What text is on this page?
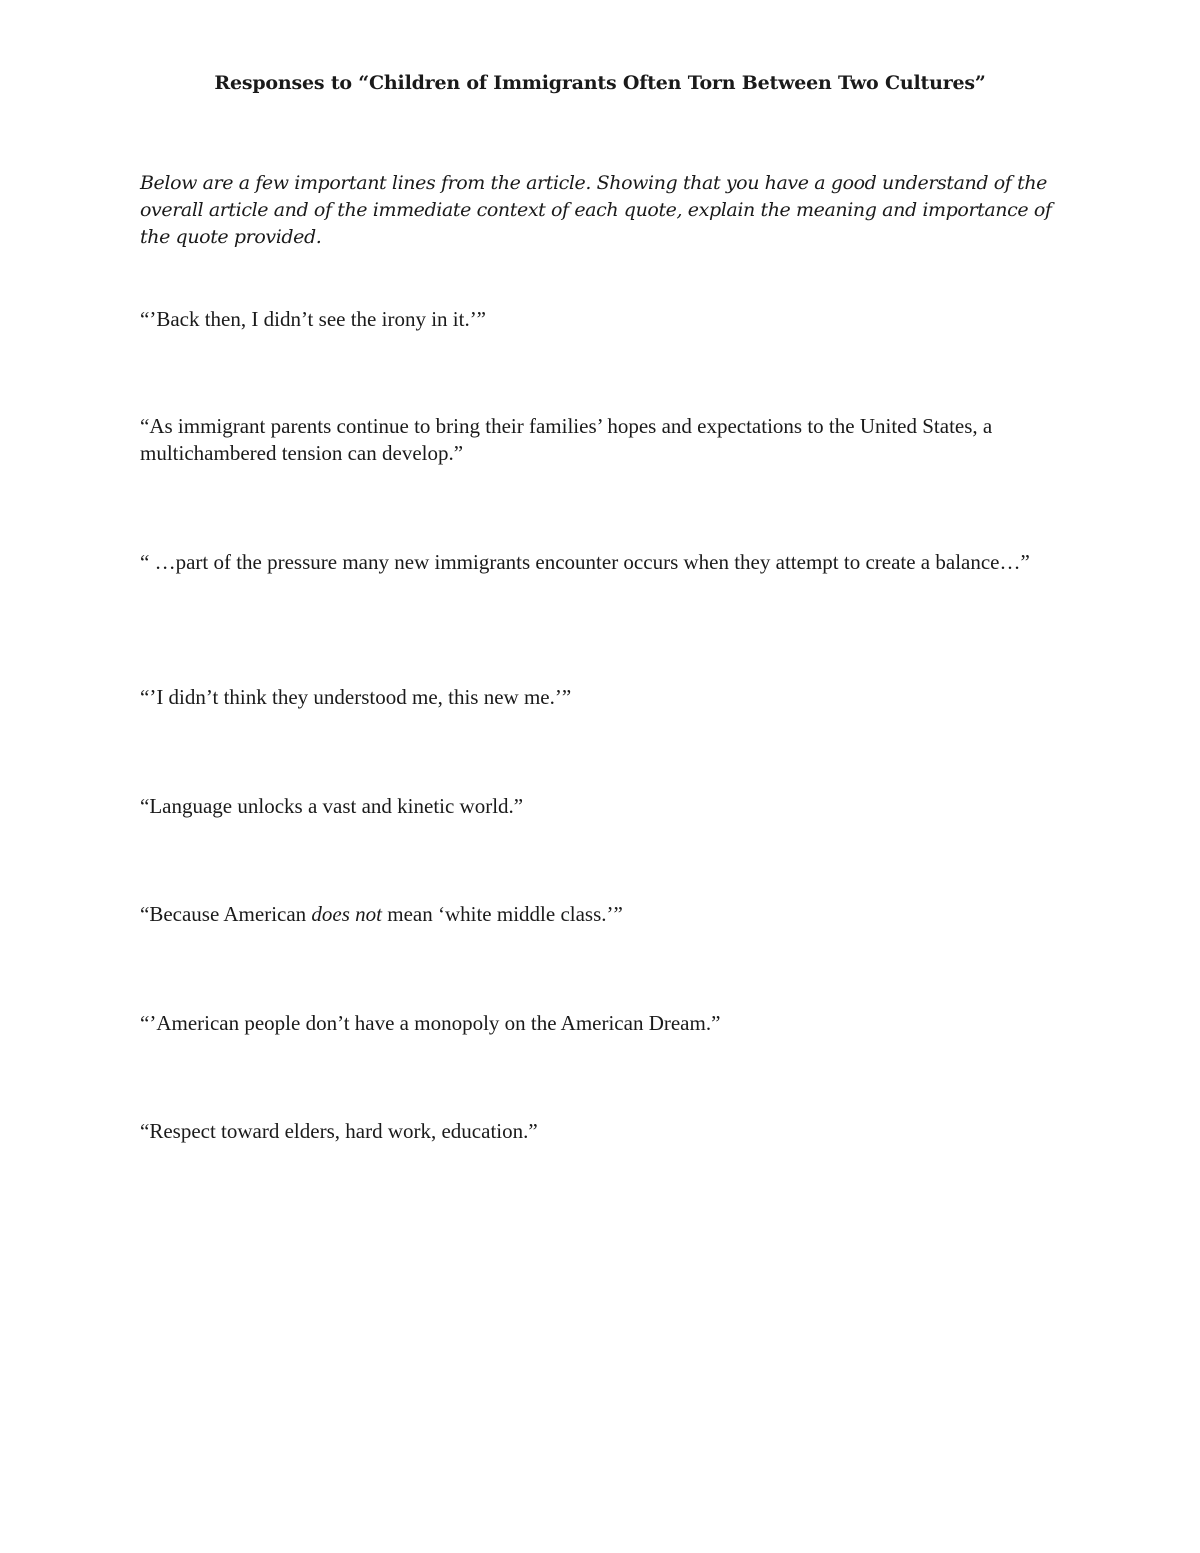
Responses to “Children of Immigrants Often Torn Between Two Cultures”

Below are a few important lines from the article. Showing that you have a good understand of the overall article and of the immediate context of each quote, explain the meaning and importance of the quote provided.

“’Back then, I didn’t see the irony in it.’”

“As immigrant parents continue to bring their families’ hopes and expectations to the United States, a multichambered tension can develop.”

“ …part of the pressure many new immigrants encounter occurs when they attempt to create a balance…”

“’I didn’t think they understood me, this new me.’”

“Language unlocks a vast and kinetic world.”

“Because American does not mean ‘white middle class.’”

“’American people don’t have a monopoly on the American Dream.”

“Respect toward elders, hard work, education.”
